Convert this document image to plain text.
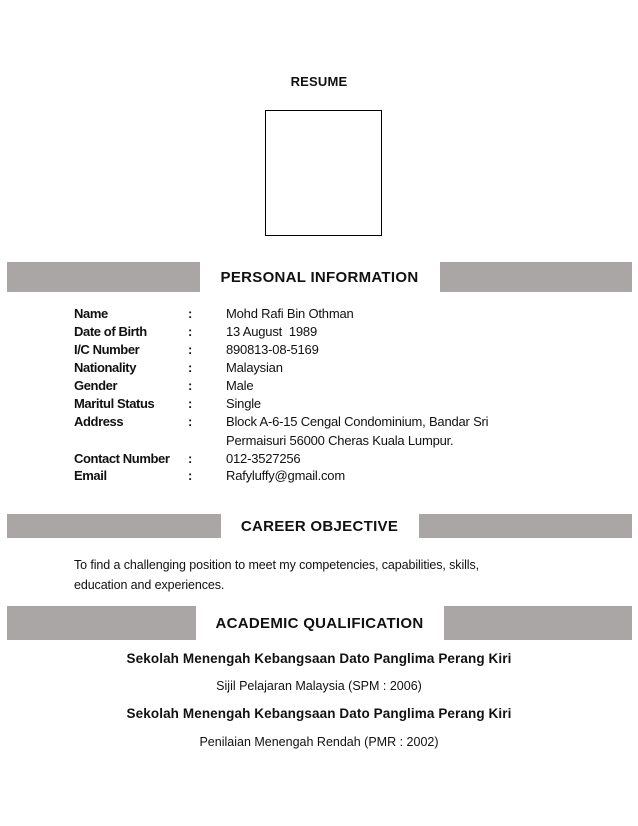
RESUME
PERSONAL INFORMATION
Name	:	Mohd Rafi Bin Othman
Date of Birth	:	13 August  1989
I/C Number	:	890813-08-5169
Nationality	:	Malaysian
Gender	:	Male
Maritul Status	:	Single
Address	:	Block A-6-15 Cengal Condominium, Bandar Sri
Permaisuri 56000 Cheras Kuala Lumpur.
Contact Number :	012-3527256
Email	:	Rafyluffy@gmail.com
CAREER OBJECTIVE
To find a challenging position to meet my competencies, capabilities, skills,
education and experiences.
ACADEMIC QUALIFICATION
Sekolah Menengah Kebangsaan Dato Panglima Perang Kiri
Sijil Pelajaran Malaysia (SPM : 2006)
Sekolah Menengah Kebangsaan Dato Panglima Perang Kiri
Penilaian Menengah Rendah (PMR : 2002)
